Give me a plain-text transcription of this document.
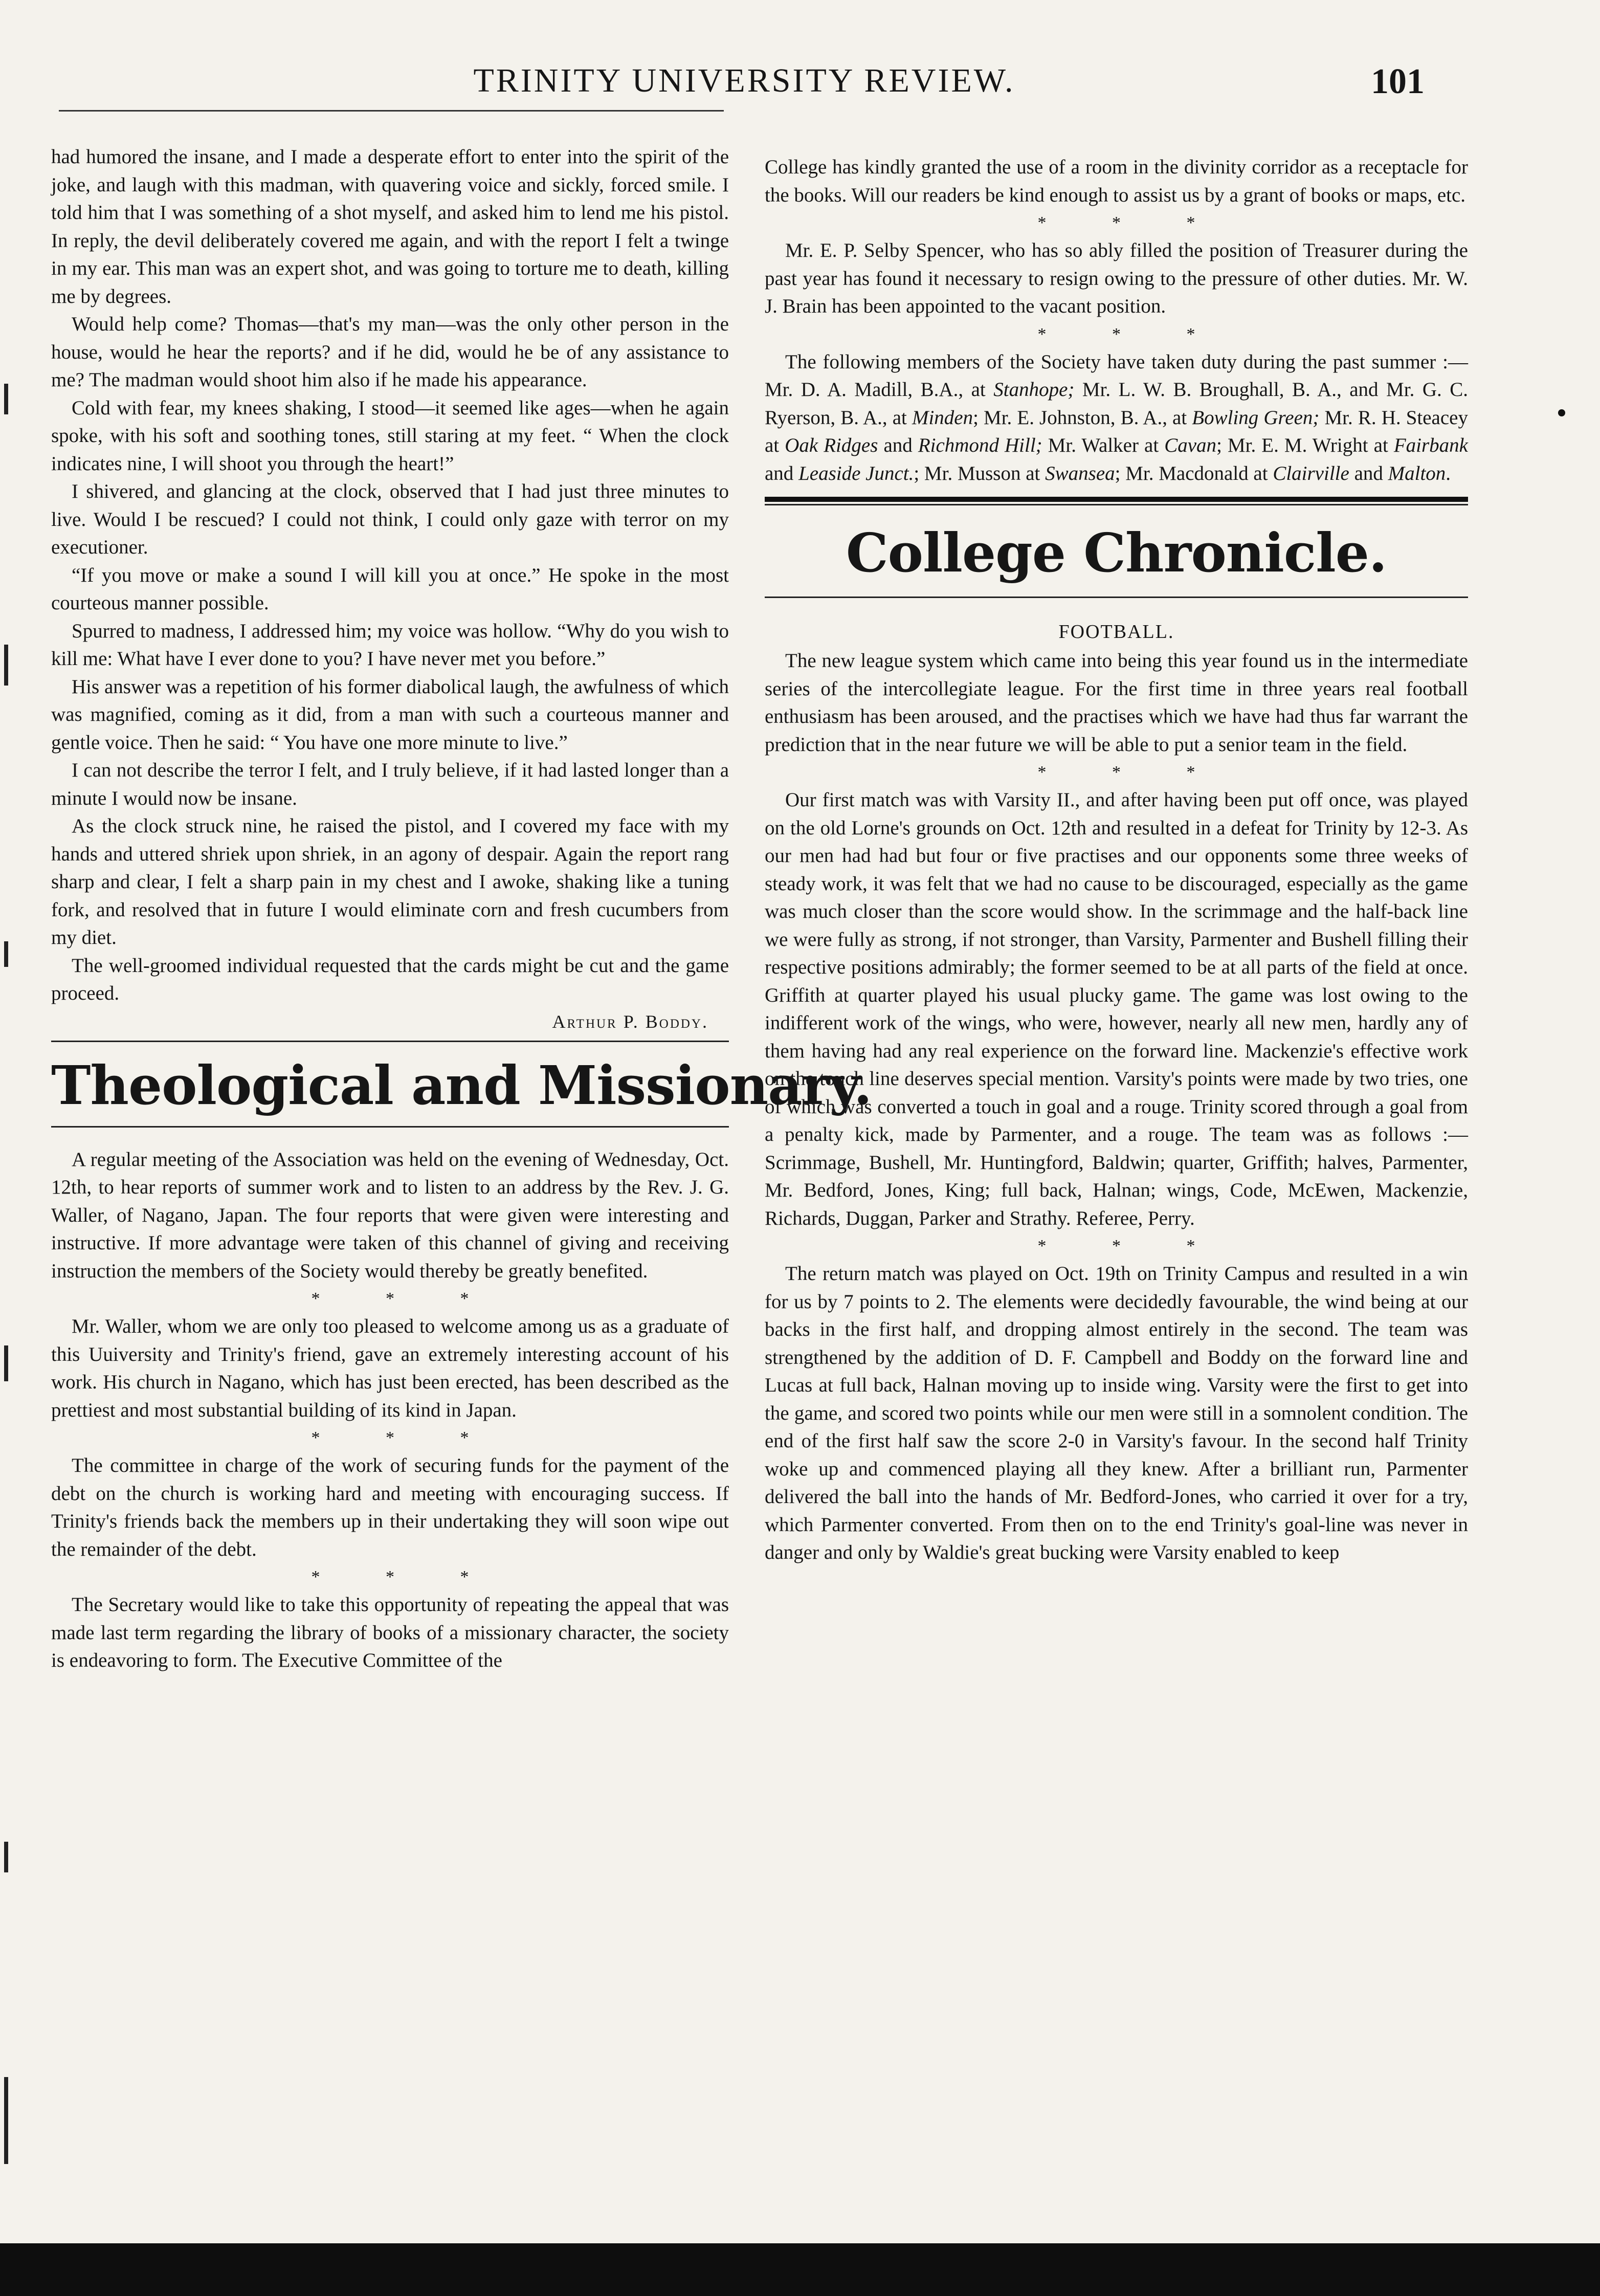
TRINITY UNIVERSITY REVIEW.	101

had humored the insane, and I made a desperate effort to enter into the spirit of the joke, and laugh with this madman, with quavering voice and sickly, forced smile. I told him that I was something of a shot myself, and asked him to lend me his pistol. In reply, the devil deliberately covered me again, and with the report I felt a twinge in my ear. This man was an expert shot, and was going to torture me to death, killing me by degrees.

Would help come? Thomas—that's my man—was the only other person in the house, would he hear the reports? and if he did, would he be of any assistance to me? The madman would shoot him also if he made his appearance.

Cold with fear, my knees shaking, I stood—it seemed like ages—when he again spoke, with his soft and soothing tones, still staring at my feet. “ When the clock indicates nine, I will shoot you through the heart!”

I shivered, and glancing at the clock, observed that I had just three minutes to live. Would I be rescued? I could not think, I could only gaze with terror on my executioner.

“If you move or make a sound I will kill you at once.” He spoke in the most courteous manner possible.

Spurred to madness, I addressed him; my voice was hollow. “Why do you wish to kill me: What have I ever done to you? I have never met you before.”

His answer was a repetition of his former diabolical laugh, the awfulness of which was magnified, coming as it did, from a man with such a courteous manner and gentle voice. Then he said: “ You have one more minute to live.”

I can not describe the terror I felt, and I truly believe, if it had lasted longer than a minute I would now be insane.

As the clock struck nine, he raised the pistol, and I covered my face with my hands and uttered shriek upon shriek, in an agony of despair. Again the report rang sharp and clear, I felt a sharp pain in my chest and I awoke, shaking like a tuning fork, and resolved that in future I would eliminate corn and fresh cucumbers from my diet.

The well-groomed individual requested that the cards might be cut and the game proceed.

Arthur P. Boddy.
Theological and Missionary.

A regular meeting of the Association was held on the evening of Wednesday, Oct. 12th, to hear reports of summer work and to listen to an address by the Rev. J. G. Waller, of Nagano, Japan. The four reports that were given were interesting and instructive. If more advantage were taken of this channel of giving and receiving instruction the members of the Society would thereby be greatly benefited.

* * *

Mr. Waller, whom we are only too pleased to welcome among us as a graduate of this Uuiversity and Trinity's friend, gave an extremely interesting account of his work. His church in Nagano, which has just been erected, has been described as the prettiest and most substantial building of its kind in Japan.

* * *

The committee in charge of the work of securing funds for the payment of the debt on the church is working hard and meeting with encouraging success. If Trinity's friends back the members up in their undertaking they will soon wipe out the remainder of the debt.

* * *

The Secretary would like to take this opportunity of repeating the appeal that was made last term regarding the library of books of a missionary character, the society is endeavoring to form. The Executive Committee of the

College has kindly granted the use of a room in the divinity corridor as a receptacle for the books. Will our readers be kind enough to assist us by a grant of books or maps, etc.

* * *

Mr. E. P. Selby Spencer, who has so ably filled the position of Treasurer during the past year has found it necessary to resign owing to the pressure of other duties. Mr. W. J. Brain has been appointed to the vacant position.

* * *

The following members of the Society have taken duty during the past summer :—Mr. D. A. Madill, B.A., at Stanhope; Mr. L. W. B. Broughall, B. A., and Mr. G. C. Ryerson, B. A., at Minden; Mr. E. Johnston, B. A., at Bowling Green; Mr. R. H. Steacey at Oak Ridges and Richmond Hill; Mr. Walker at Cavan; Mr. E. M. Wright at Fairbank and Leaside Junct.; Mr. Musson at Swansea; Mr. Macdonald at Clairville and Malton.

College Chronicle.
FOOTBALL.

The new league system which came into being this year found us in the intermediate series of the intercollegiate league. For the first time in three years real football enthusiasm has been aroused, and the practises which we have had thus far warrant the prediction that in the near future we will be able to put a senior team in the field.

* * *

Our first match was with Varsity II., and after having been put off once, was played on the old Lorne's grounds on Oct. 12th and resulted in a defeat for Trinity by 12-3. As our men had had but four or five practises and our opponents some three weeks of steady work, it was felt that we had no cause to be discouraged, especially as the game was much closer than the score would show. In the scrimmage and the half-back line we were fully as strong, if not stronger, than Varsity, Parmenter and Bushell filling their respective positions admirably; the former seemed to be at all parts of the field at once. Griffith at quarter played his usual plucky game. The game was lost owing to the indifferent work of the wings, who were, however, nearly all new men, hardly any of them having had any real experience on the forward line. Mackenzie's effective work on the touch line deserves special mention. Varsity's points were made by two tries, one of which was converted a touch in goal and a rouge. Trinity scored through a goal from a penalty kick, made by Parmenter, and a rouge. The team was as follows :—Scrimmage, Bushell, Mr. Huntingford, Baldwin; quarter, Griffith; halves, Parmenter, Mr. Bedford, Jones, King; full back, Halnan; wings, Code, McEwen, Mackenzie, Richards, Duggan, Parker and Strathy. Referee, Perry.

* * *

The return match was played on Oct. 19th on Trinity Campus and resulted in a win for us by 7 points to 2. The elements were decidedly favourable, the wind being at our backs in the first half, and dropping almost entirely in the second. The team was strengthened by the addition of D. F. Campbell and Boddy on the forward line and Lucas at full back, Halnan moving up to inside wing. Varsity were the first to get into the game, and scored two points while our men were still in a somnolent condition. The end of the first half saw the score 2-0 in Varsity's favour. In the second half Trinity woke up and commenced playing all they knew. After a brilliant run, Parmenter delivered the ball into the hands of Mr. Bedford-Jones, who carried it over for a try, which Parmenter converted. From then on to the end Trinity's goal-line was never in danger and only by Waldie's great bucking were Varsity enabled to keep
